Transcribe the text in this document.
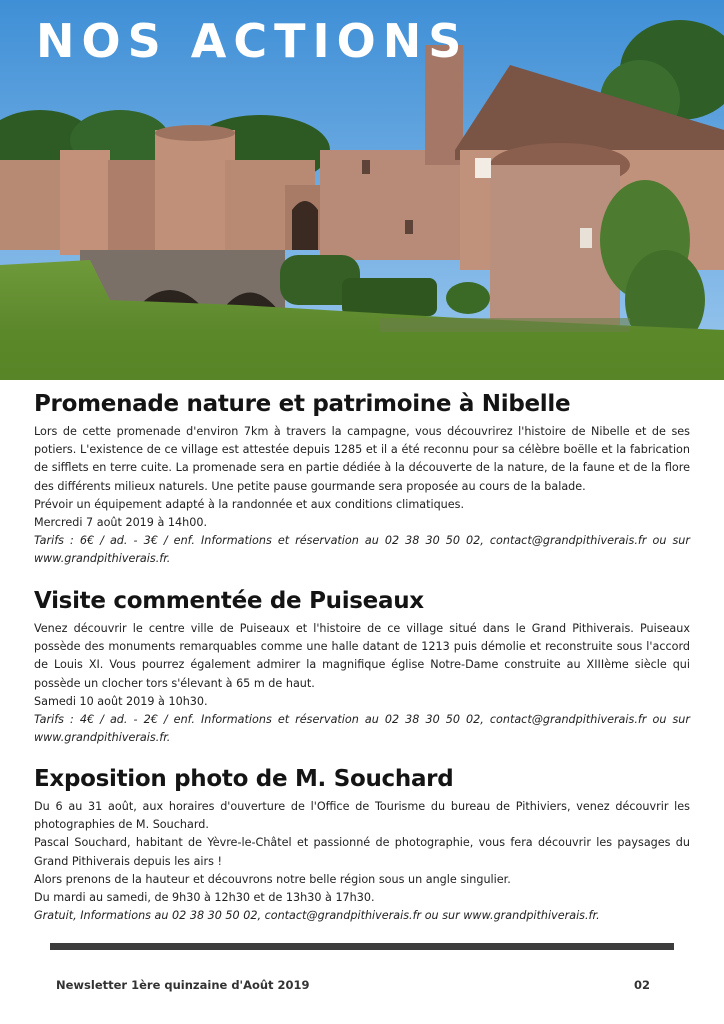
NOS ACTIONS
Promenade nature et patrimoine à Nibelle

Lors de cette promenade d'environ 7km à travers la campagne, vous découvrirez l'histoire de Nibelle et de ses potiers. L'existence de ce village est attestée depuis 1285 et il a été reconnu pour sa célèbre boëlle et la fabrication de sifflets en terre cuite. La promenade sera en partie dédiée à la découverte de la nature, de la faune et de la flore des différents milieux naturels. Une petite pause gourmande sera proposée au cours de la balade.

Prévoir un équipement adapté à la randonnée et aux conditions climatiques.

Mercredi 7 août 2019 à 14h00.

Tarifs : 6€ / ad. - 3€ / enf. Informations et réservation au 02 38 30 50 02, contact@grandpithiverais.fr ou sur www.grandpithiverais.fr.

Visite commentée de Puiseaux

Venez découvrir le centre ville de Puiseaux et l'histoire de ce village situé dans le Grand Pithiverais. Puiseaux possède des monuments remarquables comme une halle datant de 1213 puis démolie et reconstruite sous l'accord de Louis XI. Vous pourrez également admirer la magnifique église Notre-Dame construite au XIIIème siècle qui possède un clocher tors s'élevant à 65 m de haut.

Samedi 10 août 2019 à 10h30.

Tarifs : 4€ / ad. - 2€ / enf. Informations et réservation au 02 38 30 50 02, contact@grandpithiverais.fr ou sur www.grandpithiverais.fr.

Exposition photo de M. Souchard

Du 6 au 31 août, aux horaires d'ouverture de l'Office de Tourisme du bureau de Pithiviers, venez découvrir les photographies de M. Souchard.

Pascal Souchard, habitant de Yèvre-le-Châtel et passionné de photographie, vous fera découvrir les paysages du Grand Pithiverais depuis les airs !

Alors prenons de la hauteur et découvrons notre belle région sous un angle singulier.

Du mardi au samedi, de 9h30 à 12h30 et de 13h30 à 17h30.

Gratuit, Informations au 02 38 30 50 02, contact@grandpithiverais.fr ou sur www.grandpithiverais.fr.

Newsletter 1ère quinzaine d'Août 2019	02
